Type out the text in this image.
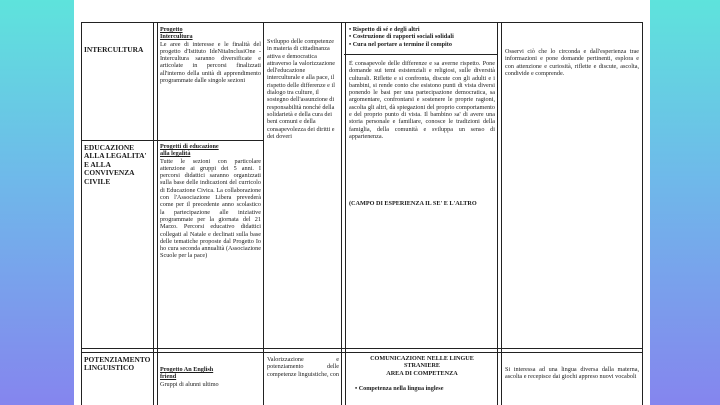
INTERCULTURA
EDUCAZIONE ALLA LEGALITA' E ALLA CONVIVENZA CIVILE
POTENZIAMENTO LINGUISTICO
Progetto
Intercultura
Le aree di interesse e le finalità del progetto d'Istituto IdeNitaInclusiOne - Intercultura saranno diversificate e articolate in percorsi finalizzati all'interno della unità di apprendimento programmate dalle singole sezioni
Progetti di educazione
alla legalità
Tutte le sezioni con particolare attenzione ai gruppi dei 5 anni. I percorsi didattici saranno organizzati sulla base delle indicazioni del curricolo di Educazione Civica. La collaborazione con l'Associazione Libera prevederà come per il precedente anno scolastico la partecipazione alle iniziative programmate per la giornata del 21 Marzo. Percorsi educativo didattici collegati al Natale e declinati sulla base delle tematiche proposte dal Progetto Io ho cura seconda annualità (Associazione Scuole per la pace)
Progetto An English
friend
Gruppi di alunni ultimo
Sviluppo delle competenze in materia di cittadinanza attiva e democratica attraverso la valorizzazione dell'educazione interculturale e alla pace, il rispetto delle differenze e il dialogo tra culture, il sostegno dell'assunzione di responsabilità nonché della solidarietà e della cura dei beni comuni e della consapevolezza dei diritti e dei doveri
Valorizzazione e potenziamento delle competenze linguistiche, con
• Rispetto di sé e degli altri
• Costruzione di rapporti sociali solidali
• Cura nel portare a termine il compito
È consapevole delle differenze e sa averne rispetto. Pone domande sui temi esistenziali e religiosi, sulle diversità culturali. Riflette e si confronta, discute con gli adulti e i bambini, si rende conto che esistono punti di vista diversi ponendo le basi per una partecipazione democratica, sa argomentare, confrontarsi e sostenere le proprie ragioni, ascolta gli altri, dà spiegazioni del proprio comportamento e del proprio punto di vista. Il bambino sa' di avere una storia personale e familiare, conosce le tradizioni della famiglia, della comunità e sviluppa un senso di appartenenza.
(CAMPO DI ESPERIENZA IL SE' E L'ALTRO
COMUNICAZIONE NELLE LINGUE
STRANIERE
AREA DI COMPETENZA
• Competenza nella lingua inglese
Osservi ciò che lo circonda e dall'esperienza trae informazioni e pone domande pertinenti, esplora e con attenzione e curiosità, riflette e discute, ascolta, condivide e comprende.
Si interessa ad una lingua diversa dalla materna, ascolta e recepisce dai giochi appreso nuovi vocaboli
